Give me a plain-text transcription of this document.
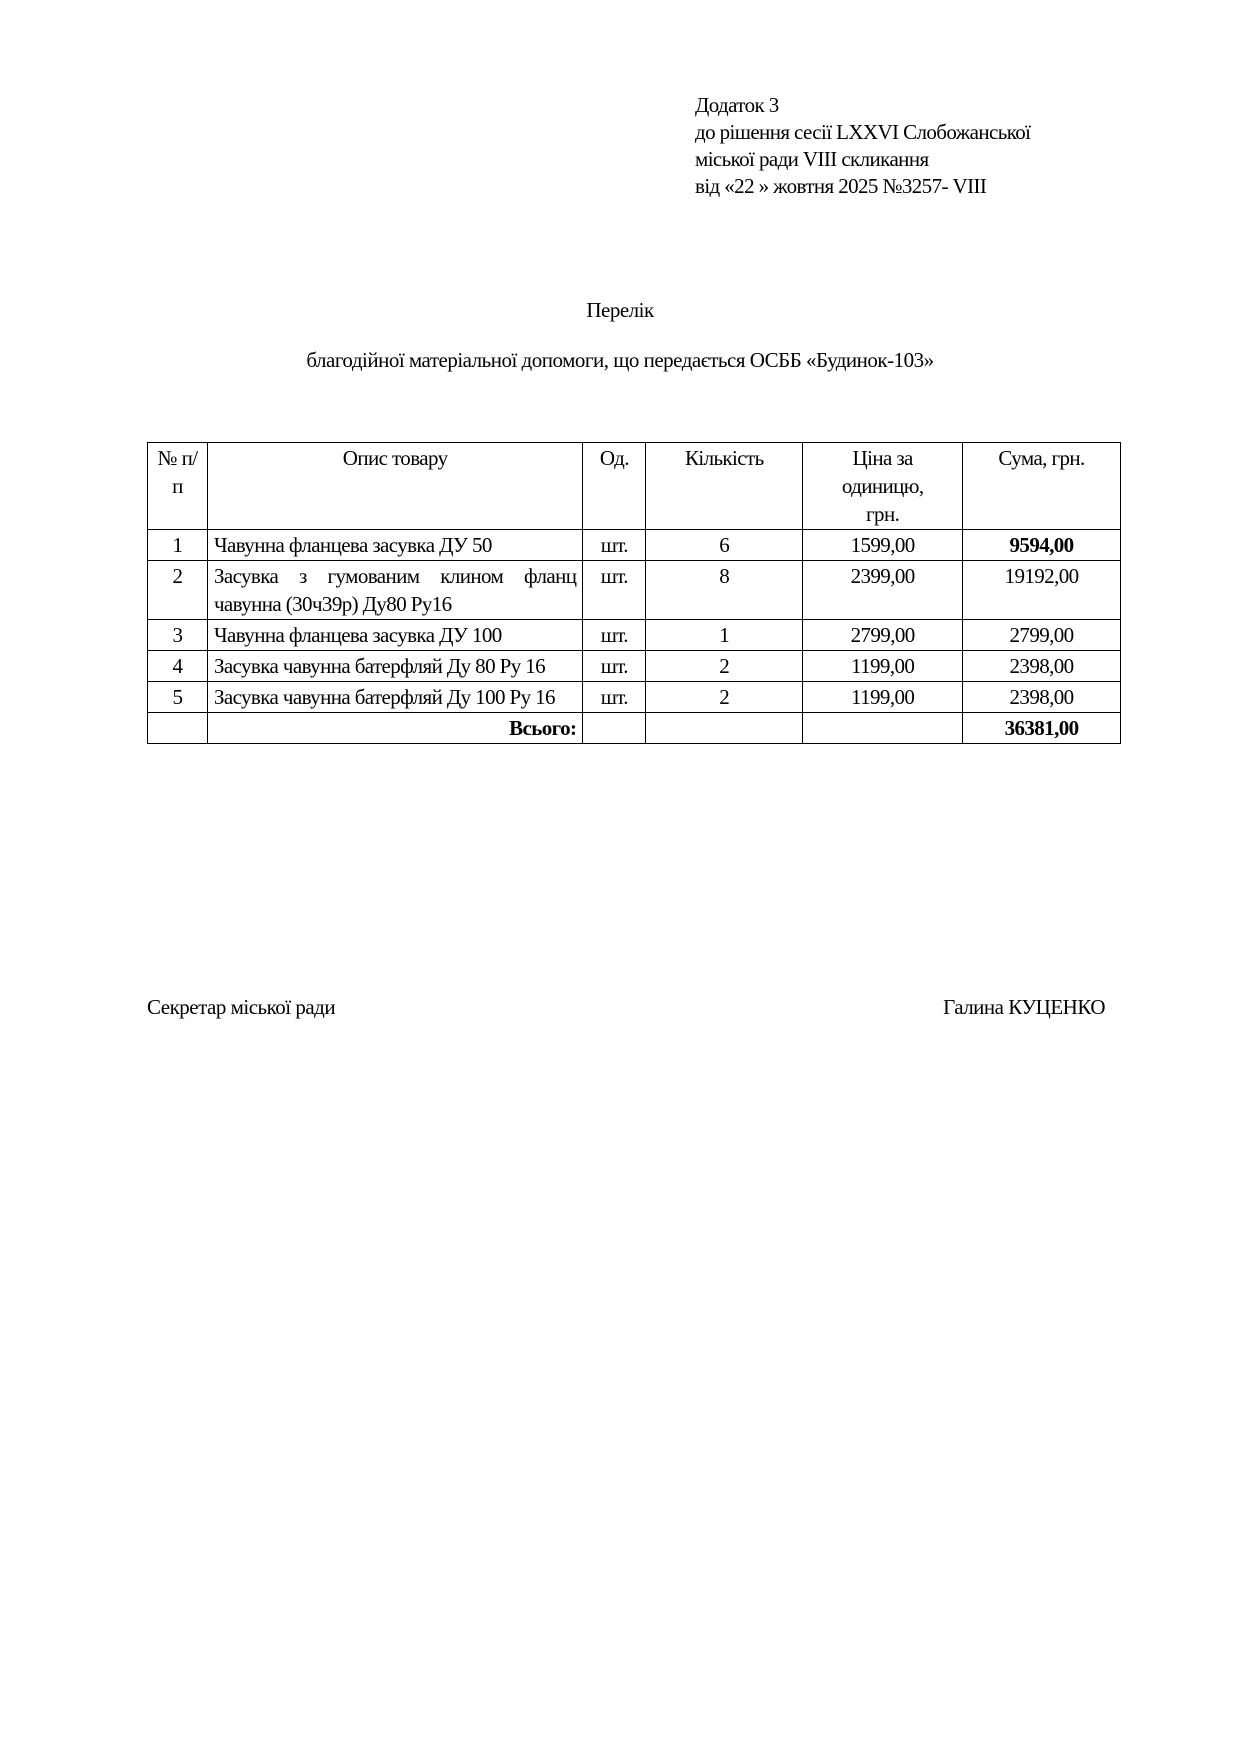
Додаток 3
до рішення сесії LXXVI Слобожанської
міської ради VIII скликання
від «22 » жовтня 2025 №3257- VIII
Перелік
благодійної матеріальної допомоги, що передається ОСББ «Будинок-103»
№ п/п	Опис товару	Од.	Кількість	Ціна за одиницю, грн.	Сума, грн.
1	Чавунна фланцева засувка ДУ 50	шт.	6	1599,00	9594,00
2	Засувка з гумованим клином фланц чавунна (30ч39р) Ду80 Ру16	шт.	8	2399,00	19192,00
3	Чавунна фланцева засувка ДУ 100	шт.	1	2799,00	2799,00
4	Засувка чавунна батерфляй Ду 80 Ру 16	шт.	2	1199,00	2398,00
5	Засувка чавунна батерфляй Ду 100 Ру 16	шт.	2	1199,00	2398,00
	Всього:				36381,00
Секретар міської ради	Галина КУЦЕНКО
